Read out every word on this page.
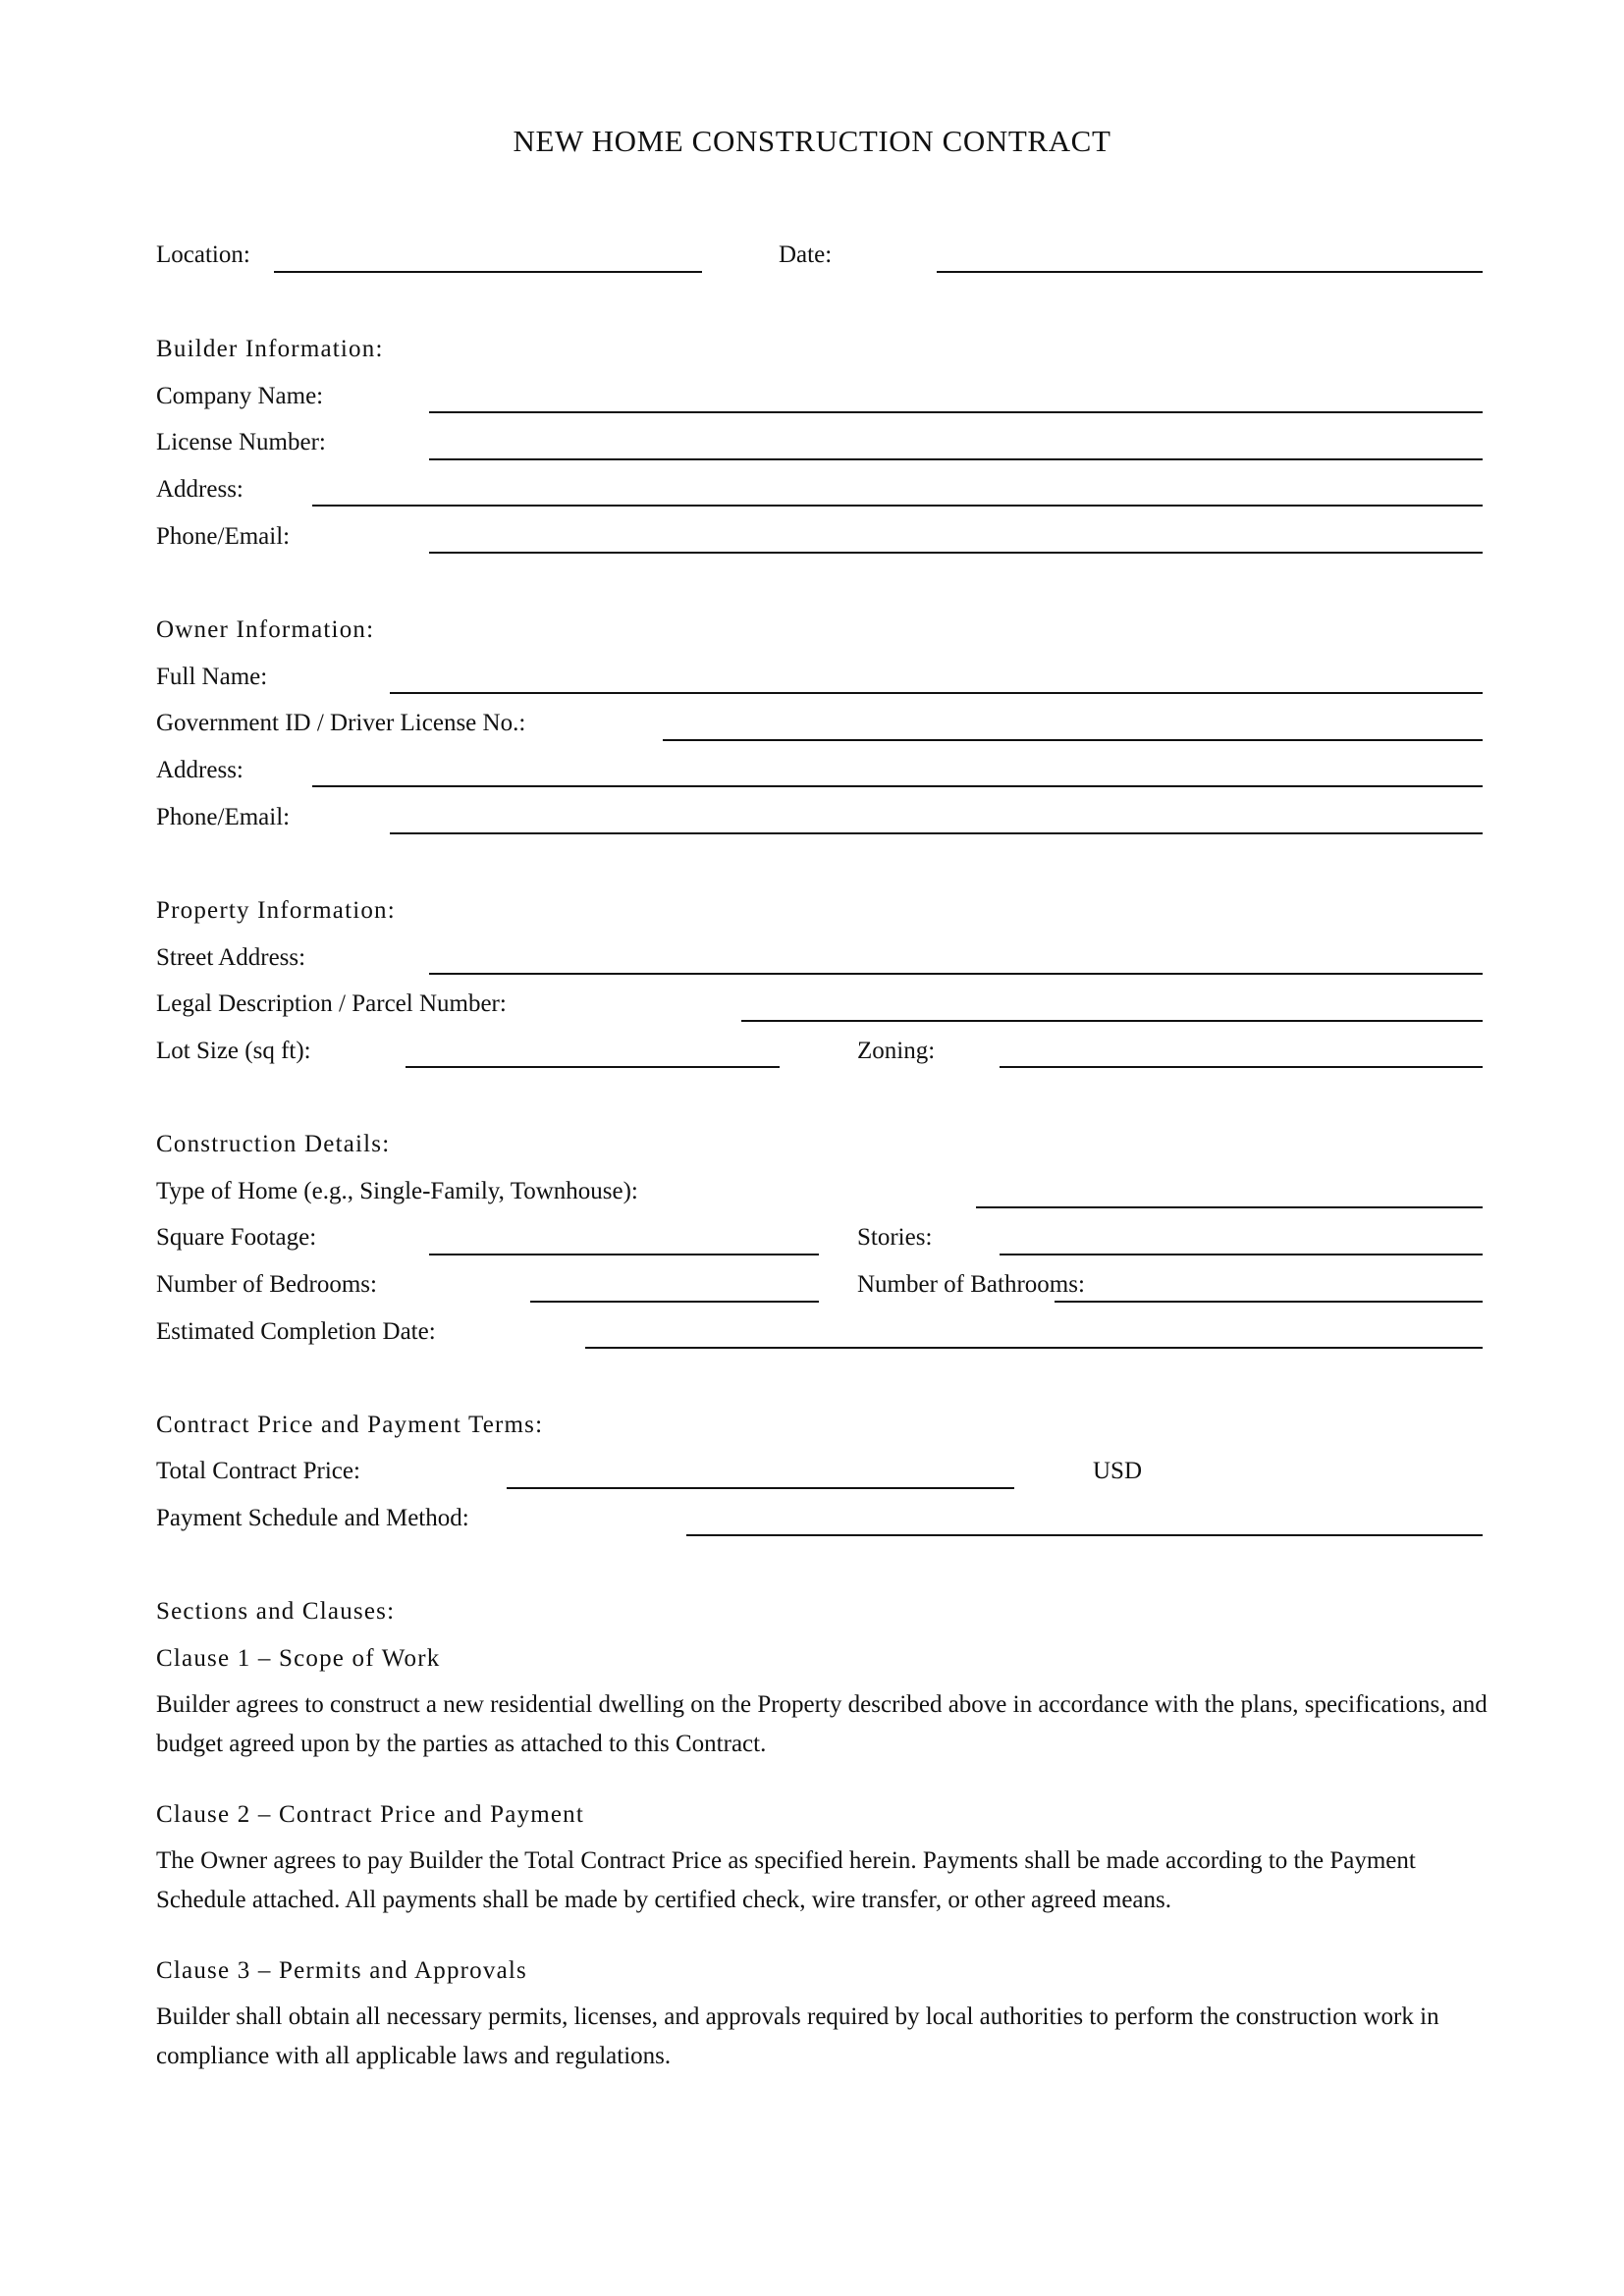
NEW HOME CONSTRUCTION CONTRACT
Location:	Date:
Builder Information:
Company Name:
License Number:
Address:
Phone/Email:
Owner Information:
Full Name:
Government ID / Driver License No.:
Address:
Phone/Email:
Property Information:
Street Address:
Legal Description / Parcel Number:
Lot Size (sq ft):	Zoning:
Construction Details:
Type of Home (e.g., Single-Family, Townhouse):
Square Footage:	Stories:
Number of Bedrooms:	Number of Bathrooms:
Estimated Completion Date:
Contract Price and Payment Terms:
Total Contract Price:	USD
Payment Schedule and Method:
Sections and Clauses:
Clause 1 – Scope of Work
Builder agrees to construct a new residential dwelling on the Property described above in accordance with the plans, specifications, and budget agreed upon by the parties as attached to this Contract.
Clause 2 – Contract Price and Payment
The Owner agrees to pay Builder the Total Contract Price as specified herein. Payments shall be made according to the Payment Schedule attached. All payments shall be made by certified check, wire transfer, or other agreed means.
Clause 3 – Permits and Approvals
Builder shall obtain all necessary permits, licenses, and approvals required by local authorities to perform the construction work in compliance with all applicable laws and regulations.
